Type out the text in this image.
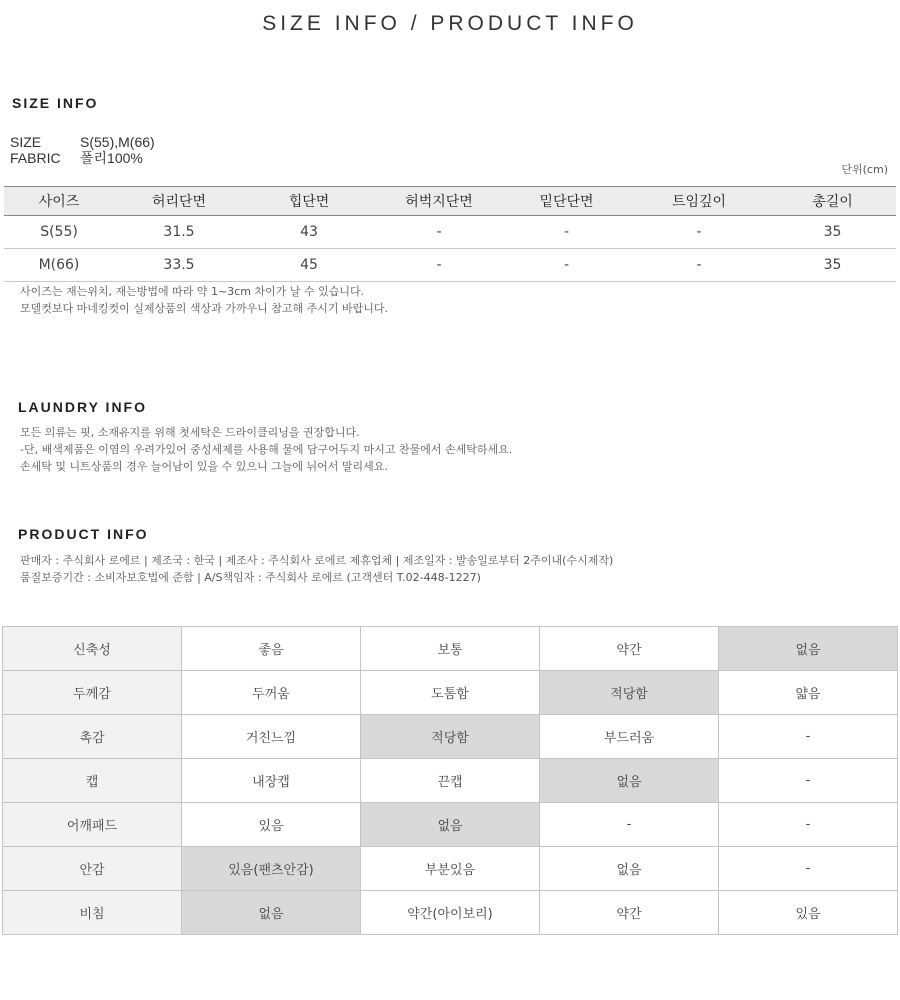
SIZE INFO / PRODUCT INFO
SIZE INFO
SIZE	S(55),M(66)
FABRIC	폴리100%
단위(cm)
사이즈	허리단면	힙단면	허벅지단면	밑단단면	트임깊이	총길이
S(55)	31.5	43	-	-	-	35
M(66)	33.5	45	-	-	-	35
사이즈는 재는위치, 재는방법에 따라 약 1~3cm 차이가 날 수 있습니다.
모델컷보다 마네킹컷이 실제상품의 색상과 가까우니 참고해 주시기 바랍니다.
LAUNDRY INFO
모든 의류는 핏, 소재유지를 위해 첫세탁은 드라이클리닝을 권장합니다.
-단, 배색제품은 이염의 우려가있어 중성세제를 사용해 물에 담구어두지 마시고 찬물에서 손세탁하세요.
손세탁 및 니트상품의 경우 늘어남이 있을 수 있으니 그늘에 뉘어서 말리세요.
PRODUCT INFO
판매자 : 주식회사 로에르 | 제조국 : 한국 | 제조사 : 주식회사 로에르 제휴업체 | 제조일자 : 발송일로부터 2주이내(수시제작)
품질보증기간 : 소비자보호법에 준함 | A/S책임자 : 주식회사 로에르 (고객센터 T.02-448-1227)
신축성	좋음	보통	약간	없음
두께감	두꺼움	도톰함	적당함	얇음
촉감	거친느낌	적당함	부드러움	-
캡	내장캡	끈캡	없음	-
어깨패드	있음	없음	-	-
안감	있음(팬츠안감)	부분있음	없음	-
비침	없음	약간(아이보리)	약간	있음
